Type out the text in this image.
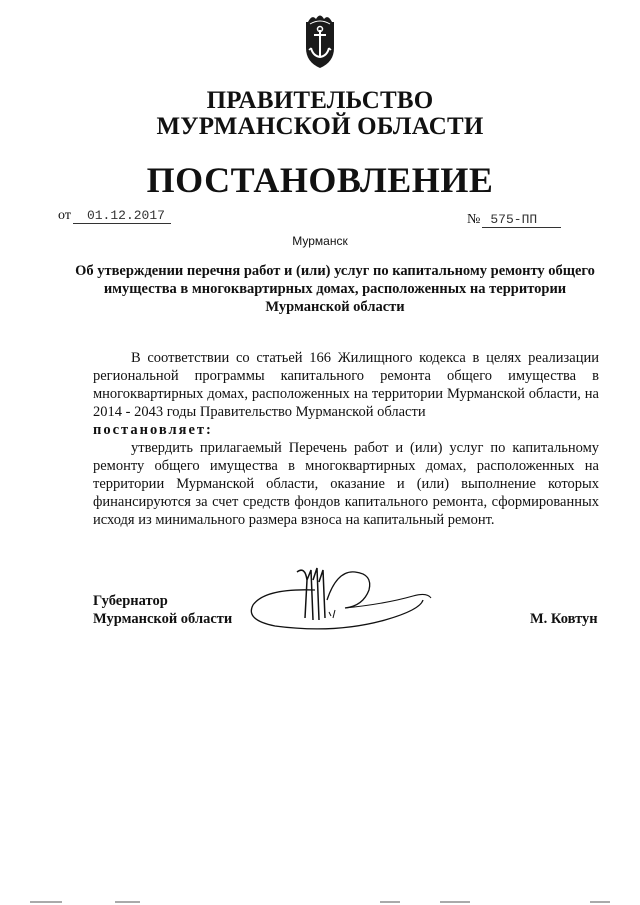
ПРАВИТЕЛЬСТВО
МУРМАНСКОЙ ОБЛАСТИ
ПОСТАНОВЛЕНИЕ
от 01.12.2017	№ 575-ПП
Мурманск
Об утверждении перечня работ и (или) услуг по капитальному ремонту общего имущества в многоквартирных домах, расположенных на территории Мурманской области

В соответствии со статьей 166 Жилищного кодекса в целях реализации региональной программы капитального ремонта общего имущества в многоквартирных домах, расположенных на территории Мурманской области, на 2014 - 2043 годы Правительство Мурманской области

постановляет:

утвердить прилагаемый Перечень работ и (или) услуг по капитальному ремонту общего имущества в многоквартирных домах, расположенных на территории Мурманской области, оказание и (или) выполнение которых финансируются за счет средств фондов капитального ремонта, сформированных исходя из минимального размера взноса на капитальный ремонт.

Губернатор
Мурманской области	М. Ковтун
